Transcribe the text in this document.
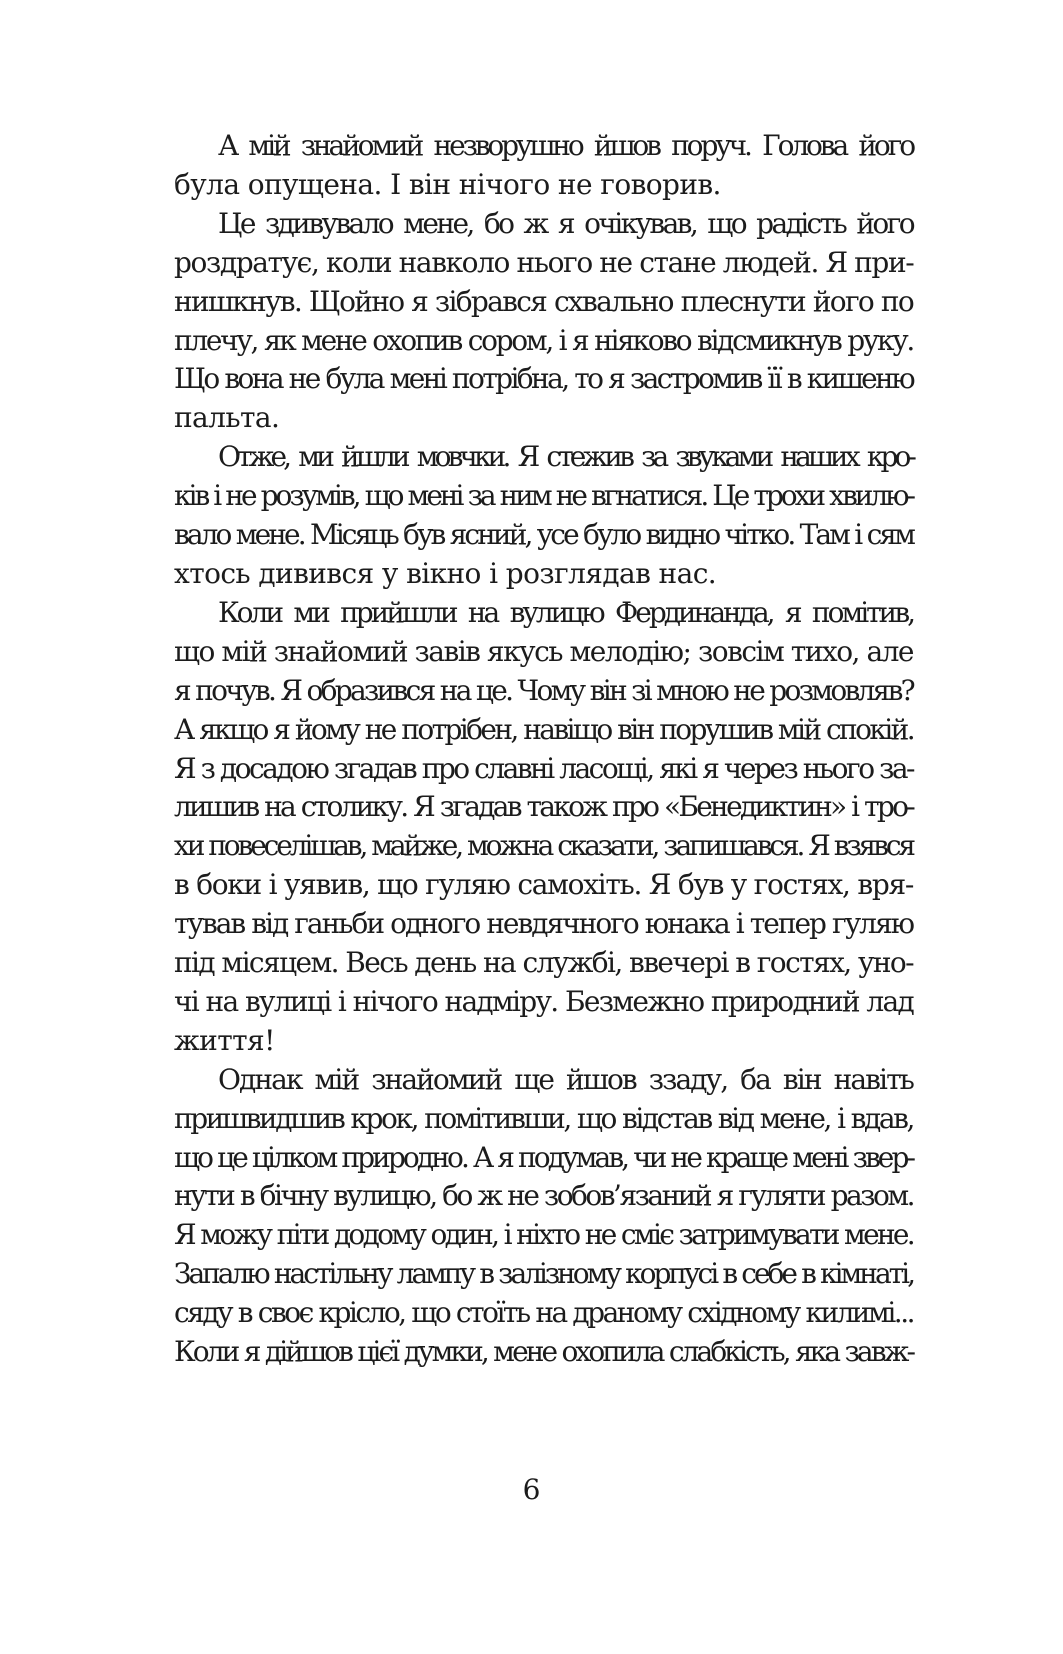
А мій знайомий незворушно йшов поруч. Голова його
була опущена. І він нічого не говорив.
Це здивувало мене, бо ж я очікував, що радість його
роздратує, коли навколо нього не стане людей. Я при-
нишкнув. Щойно я зібрався схвально плеснути його по
плечу, як мене охопив сором, і я ніяково відсмикнув руку.
Що вона не була мені потрібна, то я застромив її в кишеню
пальта.
Отже, ми йшли мовчки. Я стежив за звуками наших кро-
ків і не розумів, що мені за ним не вгнатися. Це трохи хвилю-
вало мене. Місяць був ясний, усе було видно чітко. Там і сям
хтось дивився у вікно і розглядав нас.
Коли ми прийшли на вулицю Фердинанда, я помітив,
що мій знайомий завів якусь мелодію; зовсім тихо, але
я почув. Я образився на це. Чому він зі мною не розмовляв?
А якщо я йому не потрібен, навіщо він порушив мій спокій.
Я з досадою згадав про славні ласощі, які я через нього за-
лишив на столику. Я згадав також про «Бенедиктин» і тро-
хи повеселішав, майже, можна сказати, запишався. Я взявся
в боки і уявив, що гуляю самохіть. Я був у гостях, вря-
тував від ганьби одного невдячного юнака і тепер гуляю
під місяцем. Весь день на службі, ввечері в гостях, уно-
чі на вулиці і нічого надміру. Безмежно природний лад
життя!
Однак мій знайомий ще йшов ззаду, ба він навіть
пришвидшив крок, помітивши, що відстав від мене, і вдав,
що це цілком природно. А я подумав, чи не краще мені звер-
нути в бічну вулицю, бо ж не зобов’язаний я гуляти разом.
Я можу піти додому один, і ніхто не сміє затримувати мене.
Запалю настільну лампу в залізному корпусі в себе в кімнаті,
сяду в своє крісло, що стоїть на драному східному килимі...
Коли я дійшов цієї думки, мене охопила слабкість, яка завж-
6
